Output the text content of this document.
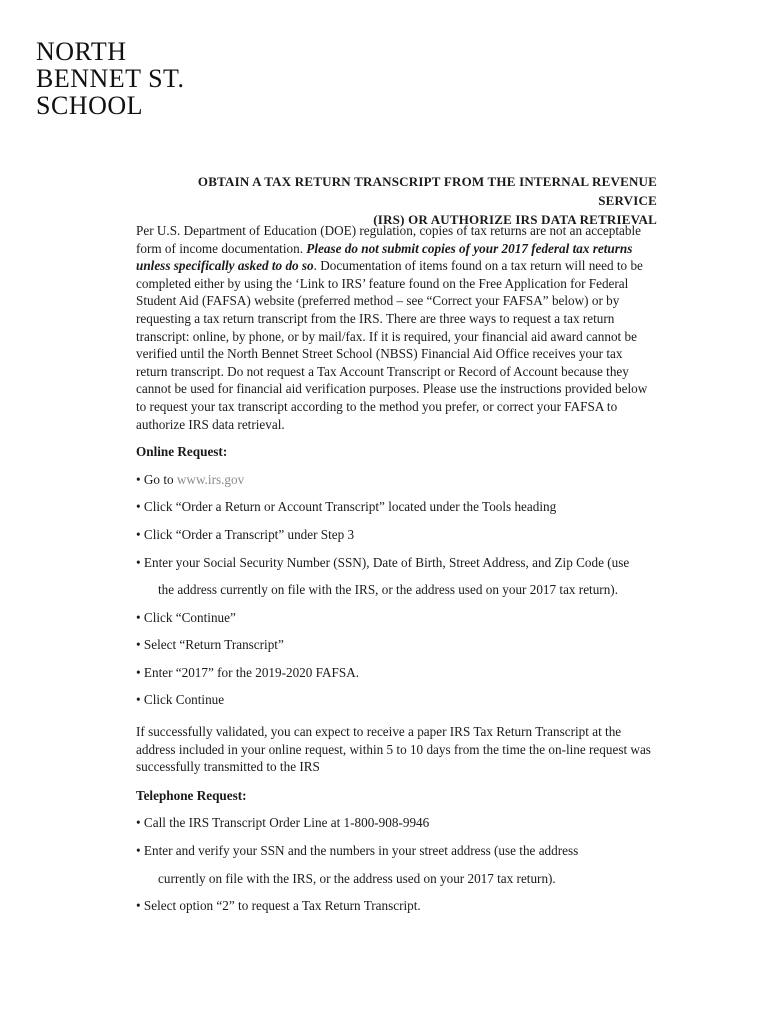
NORTH
BENNET ST.
SCHOOL
OBTAIN A TAX RETURN TRANSCRIPT FROM THE INTERNAL REVENUE SERVICE
(IRS) OR AUTHORIZE IRS DATA RETRIEVAL

Per U.S. Department of Education (DOE) regulation, copies of tax returns are not an acceptable form of income documentation. Please do not submit copies of your 2017 federal tax returns unless specifically asked to do so. Documentation of items found on a tax return will need to be completed either by using the ‘Link to IRS’ feature found on the Free Application for Federal Student Aid (FAFSA) website (preferred method – see “Correct your FAFSA” below) or by requesting a tax return transcript from the IRS. There are three ways to request a tax return transcript: online, by phone, or by mail/fax. If it is required, your financial aid award cannot be verified until the North Bennet Street School (NBSS) Financial Aid Office receives your tax return transcript. Do not request a Tax Account Transcript or Record of Account because they cannot be used for financial aid verification purposes. Please use the instructions provided below to request your tax transcript according to the method you prefer, or correct your FAFSA to authorize IRS data retrieval.

Online Request:

• Go to www.irs.gov

• Click “Order a Return or Account Transcript” located under the Tools heading

• Click “Order a Transcript” under Step 3

• Enter your Social Security Number (SSN), Date of Birth, Street Address, and Zip Code (use

the address currently on file with the IRS, or the address used on your 2017 tax return).

• Click “Continue”

• Select “Return Transcript”

• Enter “2017” for the 2019-2020 FAFSA.

• Click Continue

If successfully validated, you can expect to receive a paper IRS Tax Return Transcript at the address included in your online request, within 5 to 10 days from the time the on-line request was successfully transmitted to the IRS

Telephone Request:

• Call the IRS Transcript Order Line at 1-800-908-9946

• Enter and verify your SSN and the numbers in your street address (use the address

currently on file with the IRS, or the address used on your 2017 tax return).

• Select option “2” to request a Tax Return Transcript.
